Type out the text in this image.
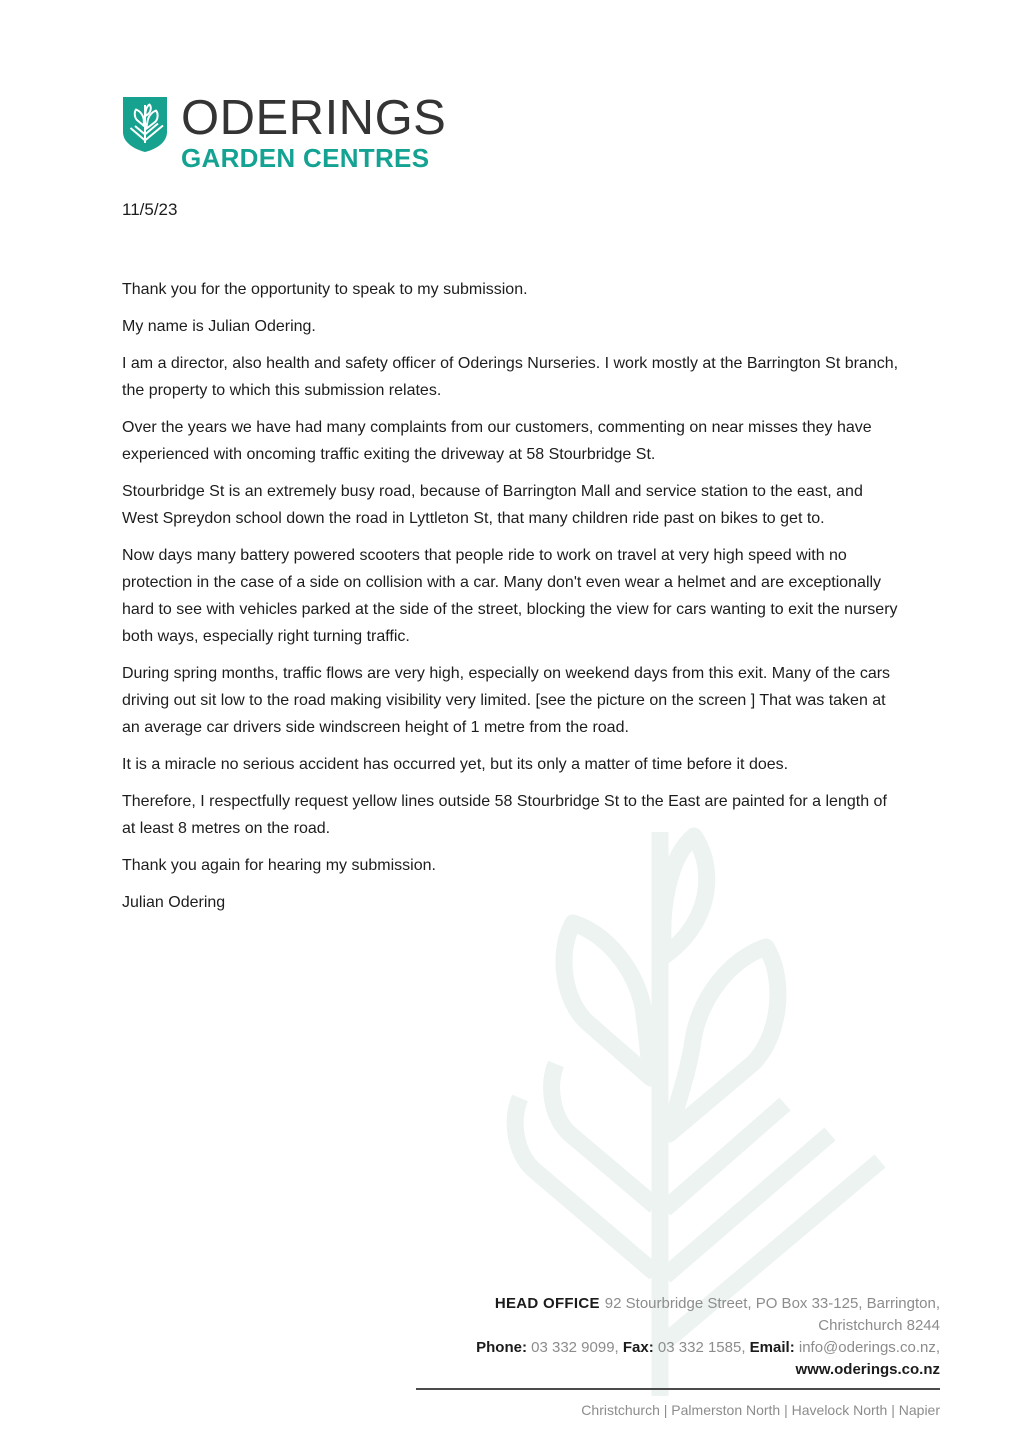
ODERINGS
GARDEN CENTRES
11/5/23

Thank you for the opportunity to speak to my submission.

My name is Julian Odering.

I am a director, also health and safety officer of Oderings Nurseries. I work mostly at the Barrington St branch, the property to which this submission relates.

Over the years we have had many complaints from our customers, commenting on near misses they have experienced with oncoming traffic exiting the driveway at 58 Stourbridge St.

Stourbridge St is an extremely busy road, because of Barrington Mall and service station to the east, and West Spreydon school down the road in Lyttleton St, that many children ride past on bikes to get to.

Now days many battery powered scooters that people ride to work on travel at very high speed with no protection in the case of a side on collision with a car. Many don't even wear a helmet and are exceptionally hard to see with vehicles parked at the side of the street, blocking the view for cars wanting to exit the nursery both ways, especially right turning traffic.

During spring months, traffic flows are very high, especially on weekend days from this exit. Many of the cars driving out sit low to the road making visibility very limited. [see the picture on the screen ] That was taken at an average car drivers side windscreen height of 1 metre from the road.

It is a miracle no serious accident has occurred yet, but its only a matter of time before it does.

Therefore, I respectfully request yellow lines outside 58 Stourbridge St to the East are painted for a length of at least 8 metres on the road.

Thank you again for hearing my submission.

Julian Odering

HEAD OFFICE 92 Stourbridge Street, PO Box 33-125, Barrington, Christchurch 8244
Phone: 03 332 9099, Fax: 03 332 1585, Email: info@oderings.co.nz, www.oderings.co.nz
Christchurch | Palmerston North | Havelock North | Napier
